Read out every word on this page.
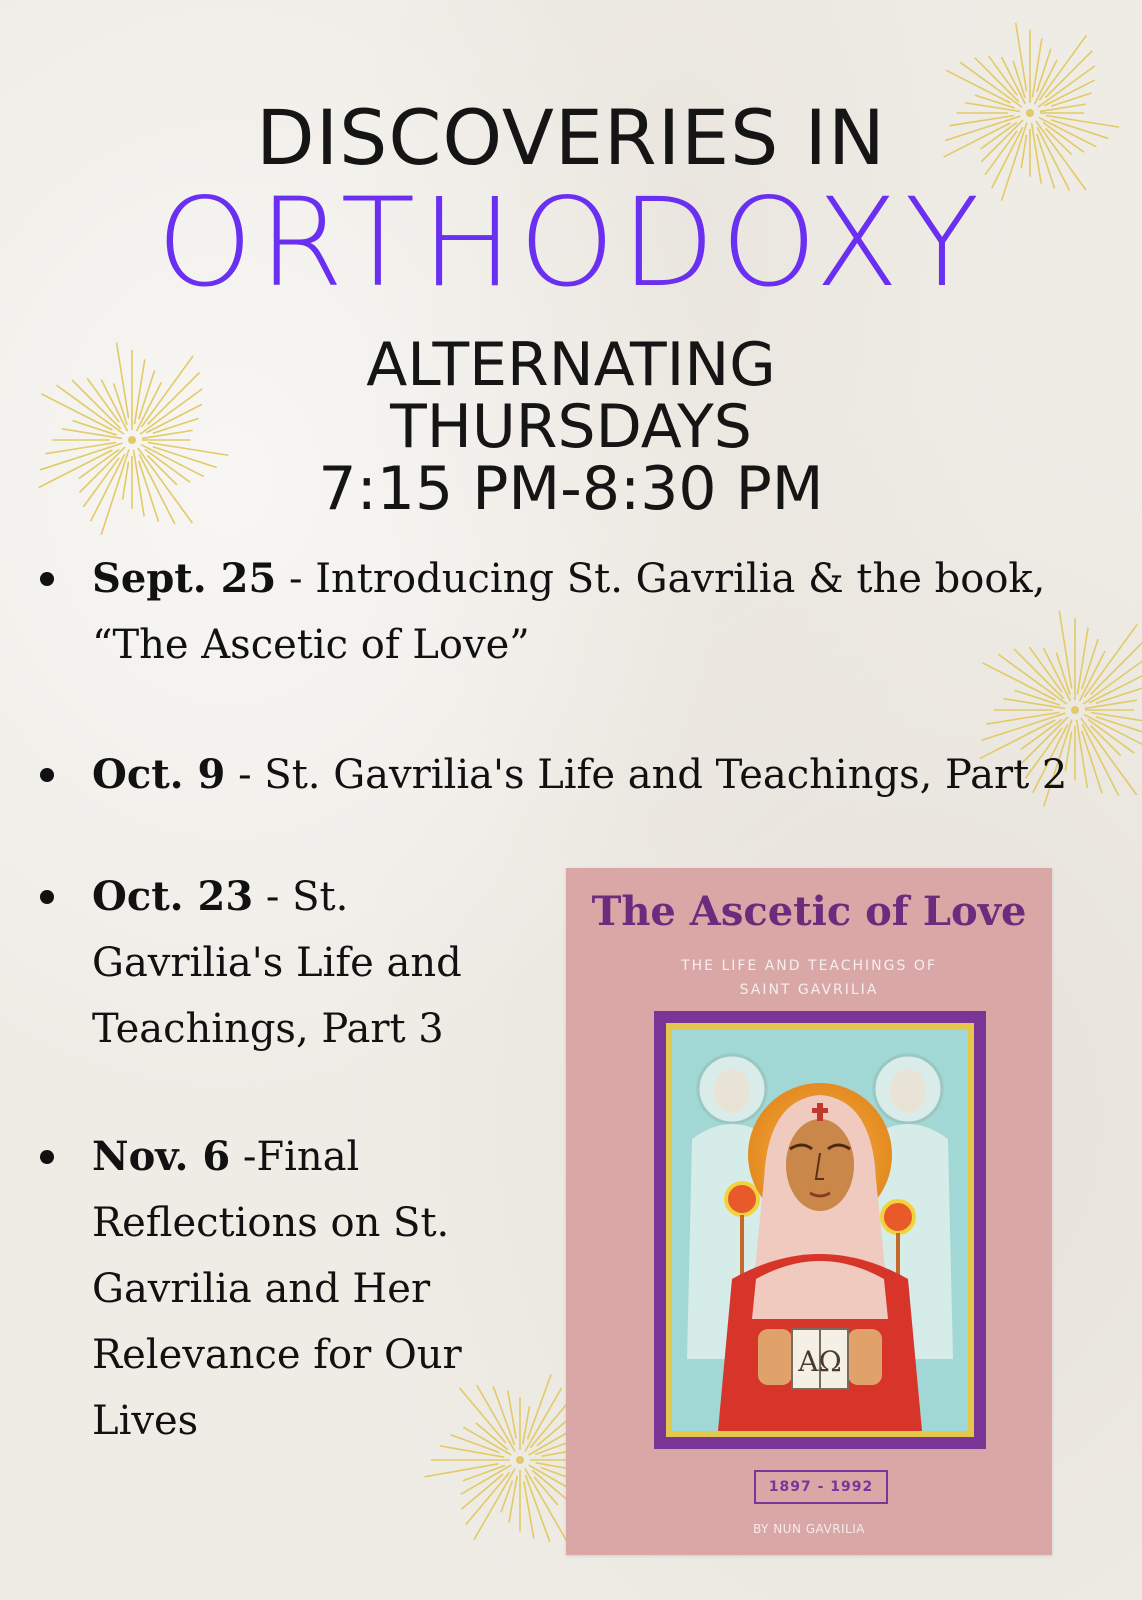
DISCOVERIES IN
ORTHODOXY
ALTERNATING
THURSDAYS
7:15 PM-8:30 PM
Sept. 25 - Introducing St. Gavrilia & the book,
“The Ascetic of Love”
Oct. 9 - St. Gavrilia's Life and Teachings, Part 2
Oct. 23 - St.
Gavrilia's Life and
Teachings, Part 3
Nov. 6 -Final
Reflections on St.
Gavrilia and Her
Relevance for Our
Lives
The Ascetic of Love
THE LIFE AND TEACHINGS OF
SAINT GAVRILIA
ΑΩ
1897 - 1992
BY NUN GAVRILIA
